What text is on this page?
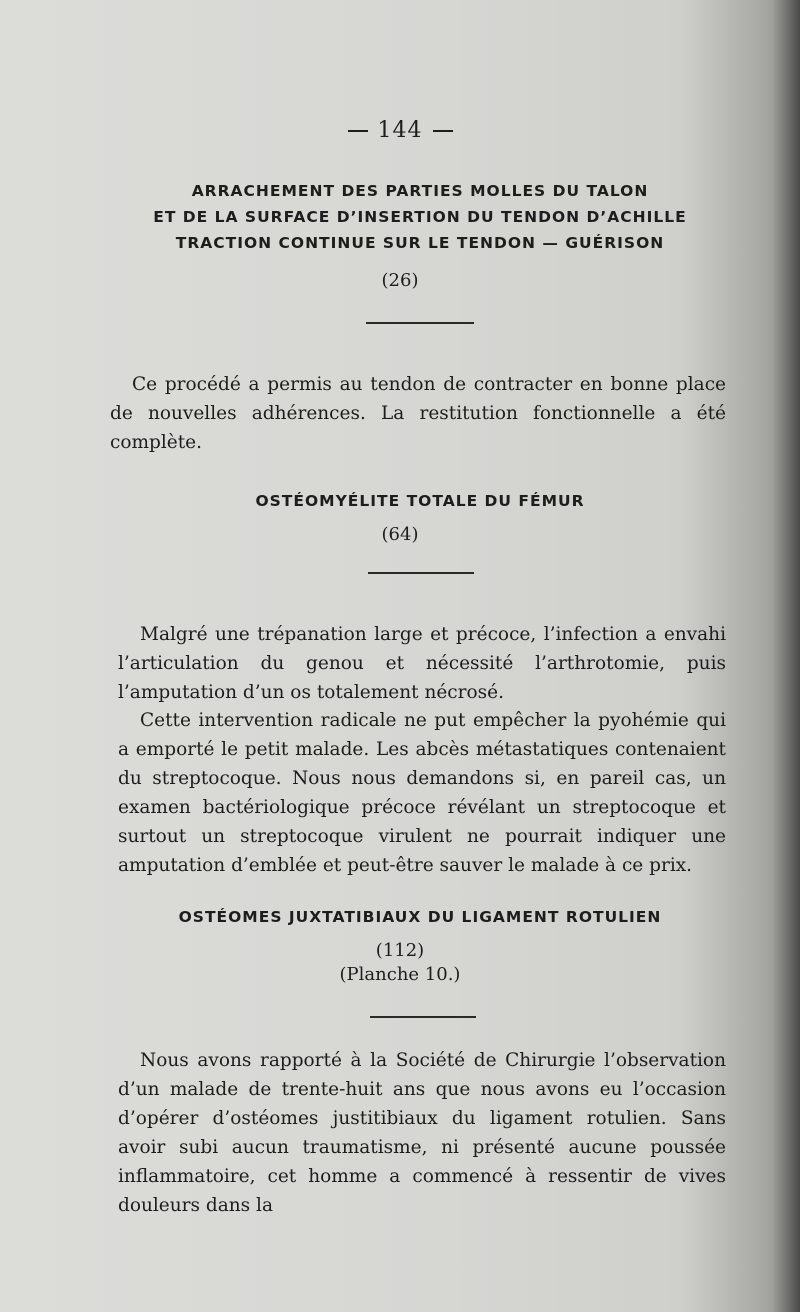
144
ARRACHEMENT DES PARTIES MOLLES DU TALON
ET DE LA SURFACE D’INSERTION DU TENDON D’ACHILLE
TRACTION CONTINUE SUR LE TENDON — GUÉRISON
(26)
Ce procédé a permis au tendon de contracter en bonne place de nouvelles adhérences. La restitution fonctionnelle a été complète.
OSTÉOMYÉLITE TOTALE DU FÉMUR
(64)
Malgré une trépanation large et précoce, l’infection a envahi l’articulation du genou et nécessité l’arthrotomie, puis l’amputation d’un os totalement nécrosé.
Cette intervention radicale ne put empêcher la pyohémie qui a emporté le petit malade. Les abcès métastatiques contenaient du streptocoque. Nous nous demandons si, en pareil cas, un examen bactériologique précoce révélant un streptocoque et surtout un streptocoque virulent ne pourrait indiquer une amputation d’emblée et peut-être sauver le malade à ce prix.
OSTÉOMES JUXTATIBIAUX DU LIGAMENT ROTULIEN
(112)
(Planche 10.)
Nous avons rapporté à la Société de Chirurgie l’observation d’un malade de trente-huit ans que nous avons eu l’occasion d’opérer d’ostéomes justitibiaux du ligament rotulien. Sans avoir subi aucun traumatisme, ni présenté aucune poussée inflammatoire, cet homme a commencé à ressentir de vives douleurs dans la
